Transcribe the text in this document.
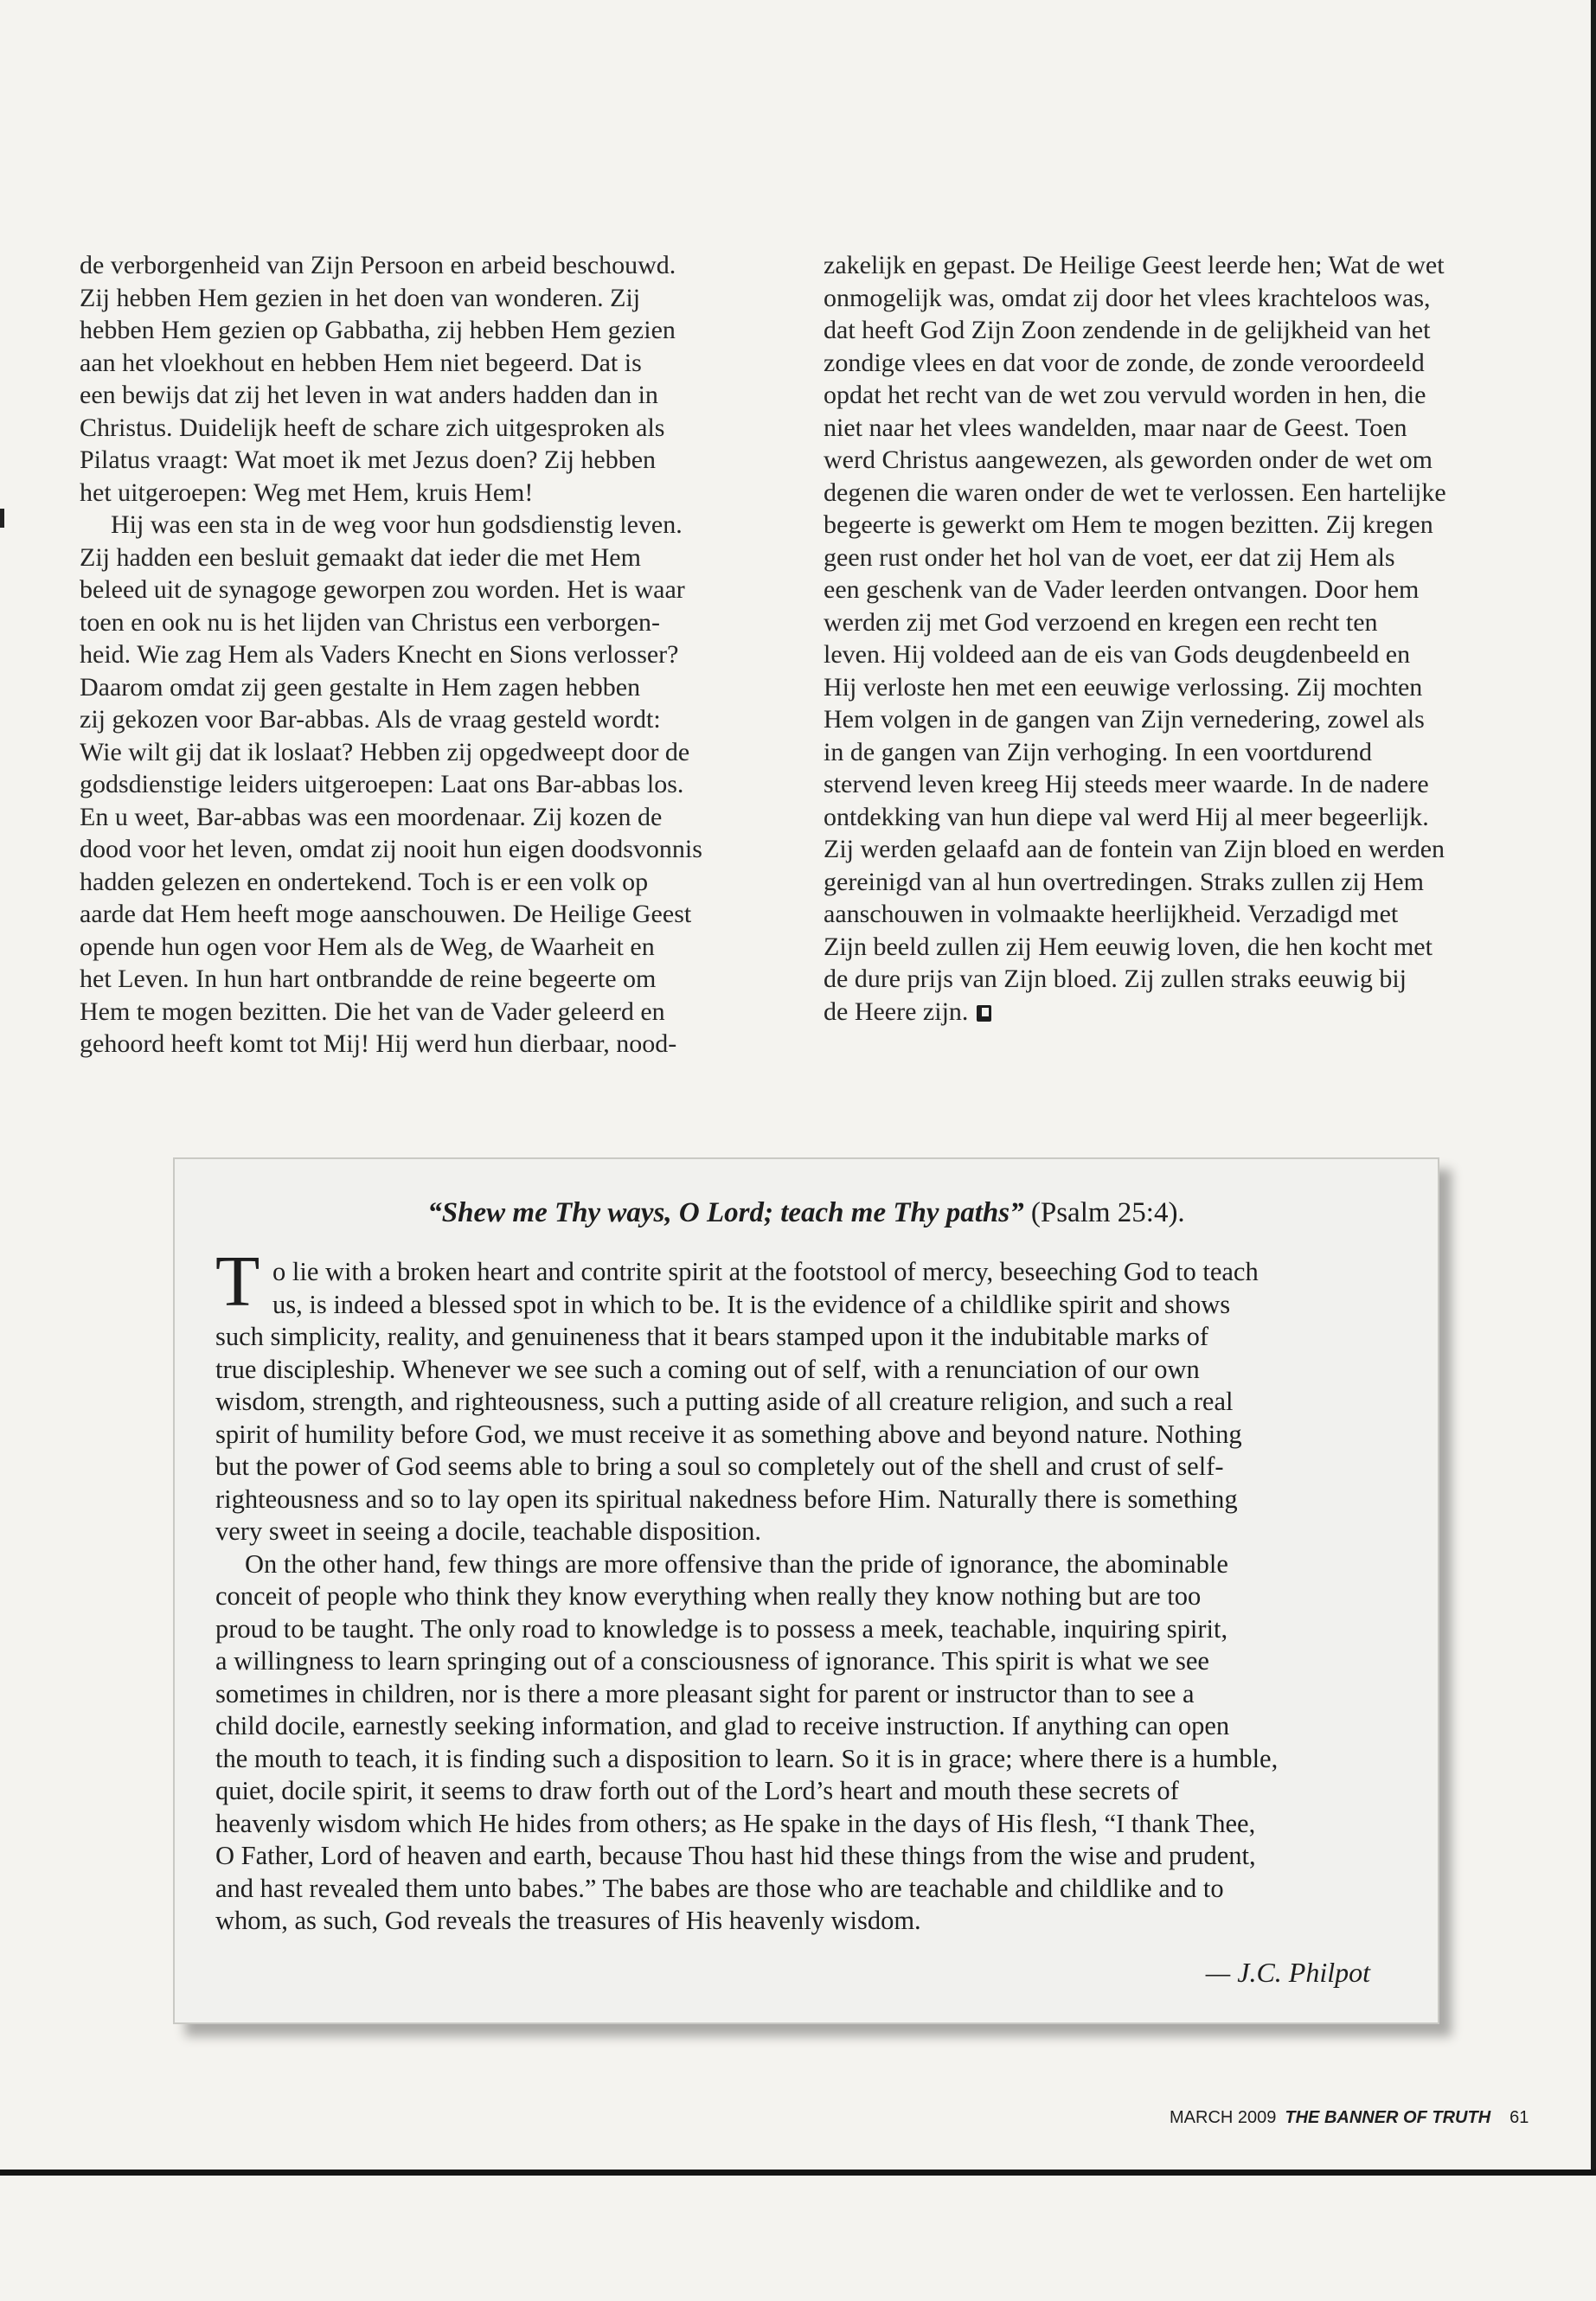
de verborgenheid van Zijn Persoon en arbeid beschouwd.
Zij hebben Hem gezien in het doen van wonderen. Zij
hebben Hem gezien op Gabbatha, zij hebben Hem gezien
aan het vloekhout en hebben Hem niet begeerd. Dat is
een bewijs dat zij het leven in wat anders hadden dan in
Christus. Duidelijk heeft de schare zich uitgesproken als
Pilatus vraagt: Wat moet ik met Jezus doen? Zij hebben
het uitgeroepen: Weg met Hem, kruis Hem!
Hij was een sta in de weg voor hun godsdienstig leven.
Zij hadden een besluit gemaakt dat ieder die met Hem
beleed uit de synagoge geworpen zou worden. Het is waar
toen en ook nu is het lijden van Christus een verborgen-
heid. Wie zag Hem als Vaders Knecht en Sions verlosser?
Daarom omdat zij geen gestalte in Hem zagen hebben
zij gekozen voor Bar-abbas. Als de vraag gesteld wordt:
Wie wilt gij dat ik loslaat? Hebben zij opgedweept door de
godsdienstige leiders uitgeroepen: Laat ons Bar-abbas los.
En u weet, Bar-abbas was een moordenaar. Zij kozen de
dood voor het leven, omdat zij nooit hun eigen doodsvonnis
hadden gelezen en ondertekend. Toch is er een volk op
aarde dat Hem heeft moge aanschouwen. De Heilige Geest
opende hun ogen voor Hem als de Weg, de Waarheit en
het Leven. In hun hart ontbrandde de reine begeerte om
Hem te mogen bezitten. Die het van de Vader geleerd en
gehoord heeft komt tot Mij! Hij werd hun dierbaar, nood-
zakelijk en gepast. De Heilige Geest leerde hen; Wat de wet
onmogelijk was, omdat zij door het vlees krachteloos was,
dat heeft God Zijn Zoon zendende in de gelijkheid van het
zondige vlees en dat voor de zonde, de zonde veroordeeld
opdat het recht van de wet zou vervuld worden in hen, die
niet naar het vlees wandelden, maar naar de Geest. Toen
werd Christus aangewezen, als geworden onder de wet om
degenen die waren onder de wet te verlossen. Een hartelijke
begeerte is gewerkt om Hem te mogen bezitten. Zij kregen
geen rust onder het hol van de voet, eer dat zij Hem als
een geschenk van de Vader leerden ontvangen. Door hem
werden zij met God verzoend en kregen een recht ten
leven. Hij voldeed aan de eis van Gods deugdenbeeld en
Hij verloste hen met een eeuwige verlossing. Zij mochten
Hem volgen in de gangen van Zijn vernedering, zowel als
in de gangen van Zijn verhoging. In een voortdurend
stervend leven kreeg Hij steeds meer waarde. In de nadere
ontdekking van hun diepe val werd Hij al meer begeerlijk.
Zij werden gelaafd aan de fontein van Zijn bloed en werden
gereinigd van al hun overtredingen. Straks zullen zij Hem
aanschouwen in volmaakte heerlijkheid. Verzadigd met
Zijn beeld zullen zij Hem eeuwig loven, die hen kocht met
de dure prijs van Zijn bloed. Zij zullen straks eeuwig bij
de Heere zijn.
“Shew me Thy ways, O Lord; teach me Thy paths” (Psalm 25:4).
T o lie with a broken heart and contrite spirit at the footstool of mercy, beseeching God to teach
us, is indeed a blessed spot in which to be. It is the evidence of a childlike spirit and shows
such simplicity, reality, and genuineness that it bears stamped upon it the indubitable marks of
true discipleship. Whenever we see such a coming out of self, with a renunciation of our own
wisdom, strength, and righteousness, such a putting aside of all creature religion, and such a real
spirit of humility before God, we must receive it as something above and beyond nature. Nothing
but the power of God seems able to bring a soul so completely out of the shell and crust of self-
righteousness and so to lay open its spiritual nakedness before Him. Naturally there is something
very sweet in seeing a docile, teachable disposition.
On the other hand, few things are more offensive than the pride of ignorance, the abominable
conceit of people who think they know everything when really they know nothing but are too
proud to be taught. The only road to knowledge is to possess a meek, teachable, inquiring spirit,
a willingness to learn springing out of a consciousness of ignorance. This spirit is what we see
sometimes in children, nor is there a more pleasant sight for parent or instructor than to see a
child docile, earnestly seeking information, and glad to receive instruction. If anything can open
the mouth to teach, it is finding such a disposition to learn. So it is in grace; where there is a humble,
quiet, docile spirit, it seems to draw forth out of the Lord’s heart and mouth these secrets of
heavenly wisdom which He hides from others; as He spake in the days of His flesh, “I thank Thee,
O Father, Lord of heaven and earth, because Thou hast hid these things from the wise and prudent,
and hast revealed them unto babes.” The babes are those who are teachable and childlike and to
whom, as such, God reveals the treasures of His heavenly wisdom.
— J.C. Philpot
MARCH 2009 THE BANNER OF TRUTH 61
